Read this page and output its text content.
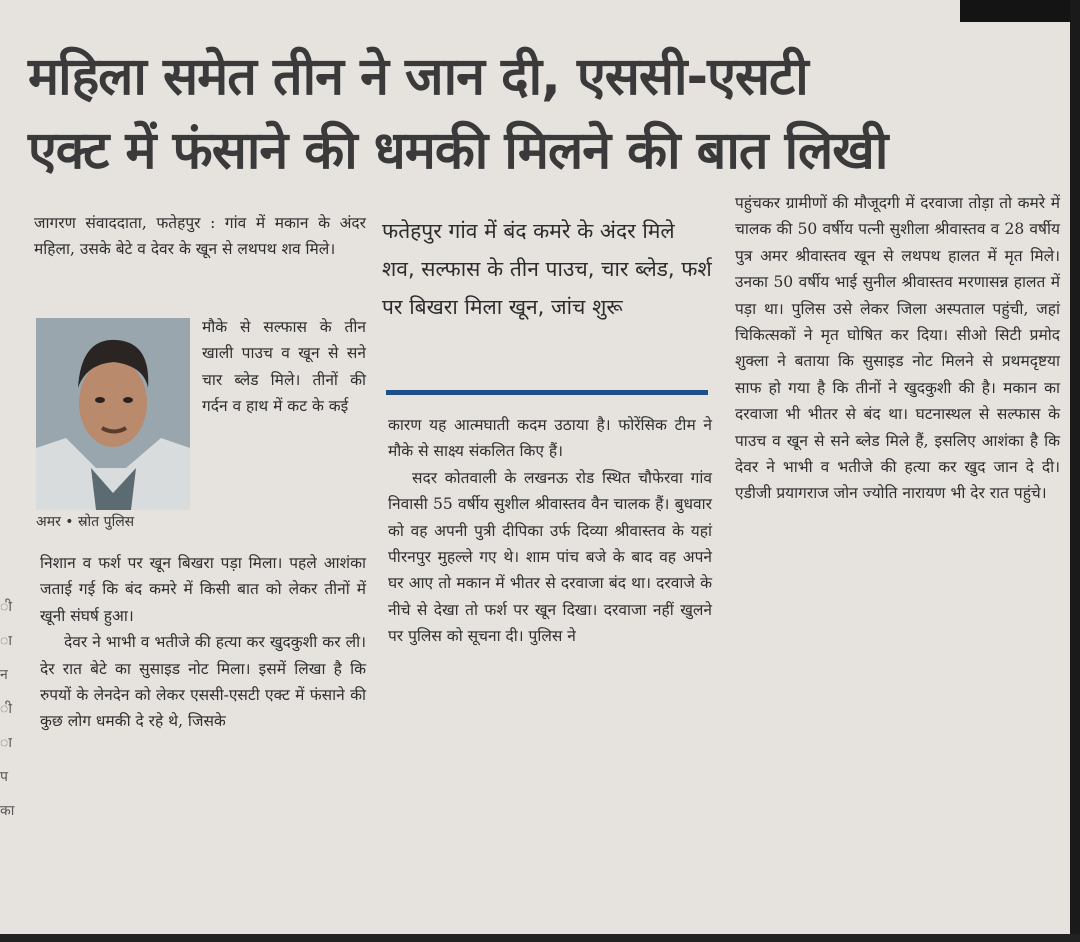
महिला समेत तीन ने जान दी, एससी-एसटी
एक्ट में फंसाने की धमकी मिलने की बात लिखी

जागरण संवाददाता, फतेहपुर : गांव में मकान के अंदर महिला, उसके बेटे व देवर के खून से लथपथ शव मिले।

अमर • स्रोत पुलिस

मौके से सल्फास के तीन खाली पाउच व खून से सने चार ब्लेड मिले। तीनों की गर्दन व हाथ में कट के कई

निशान व फर्श पर खून बिखरा पड़ा मिला। पहले आशंका जताई गई कि बंद कमरे में किसी बात को लेकर तीनों में खूनी संघर्ष हुआ।

देवर ने भाभी व भतीजे की हत्या कर खुदकुशी कर ली। देर रात बेटे का सुसाइड नोट मिला। इसमें लिखा है कि रुपयों के लेनदेन को लेकर एससी-एसटी एक्ट में फंसाने की कुछ लोग धमकी दे रहे थे, जिसके

फतेहपुर गांव में बंद कमरे के अंदर मिले शव, सल्फास के तीन पाउच, चार ब्लेड, फर्श पर बिखरा मिला खून, जांच शुरू

कारण यह आत्मघाती कदम उठाया है। फोरेंसिक टीम ने मौके से साक्ष्य संकलित किए हैं।

सदर कोतवाली के लखनऊ रोड स्थित चौफेरवा गांव निवासी 55 वर्षीय सुशील श्रीवास्तव वैन चालक हैं। बुधवार को वह अपनी पुत्री दीपिका उर्फ दिव्या श्रीवास्तव के यहां पीरनपुर मुहल्ले गए थे। शाम पांच बजे के बाद वह अपने घर आए तो मकान में भीतर से दरवाजा बंद था। दरवाजे के नीचे से देखा तो फर्श पर खून दिखा। दरवाजा नहीं खुलने पर पुलिस को सूचना दी। पुलिस ने

पहुंचकर ग्रामीणों की मौजूदगी में दरवाजा तोड़ा तो कमरे में चालक की 50 वर्षीय पत्नी सुशीला श्रीवास्तव व 28 वर्षीय पुत्र अमर श्रीवास्तव खून से लथपथ हालत में मृत मिले। उनका 50 वर्षीय भाई सुनील श्रीवास्तव मरणासन्न हालत में पड़ा था। पुलिस उसे लेकर जिला अस्पताल पहुंची, जहां चिकित्सकों ने मृत घोषित कर दिया। सीओ सिटी प्रमोद शुक्ला ने बताया कि सुसाइड नोट मिलने से प्रथमदृष्टया साफ हो गया है कि तीनों ने खुदकुशी की है। मकान का दरवाजा भी भीतर से बंद था। घटनास्थल से सल्फास के पाउच व खून से सने ब्लेड मिले हैं, इसलिए आशंका है कि देवर ने भाभी व भतीजे की हत्या कर खुद जान दे दी। एडीजी प्रयागराज जोन ज्योति नारायण भी देर रात पहुंचे।

ी
ा
न
ी
ा
प
का
